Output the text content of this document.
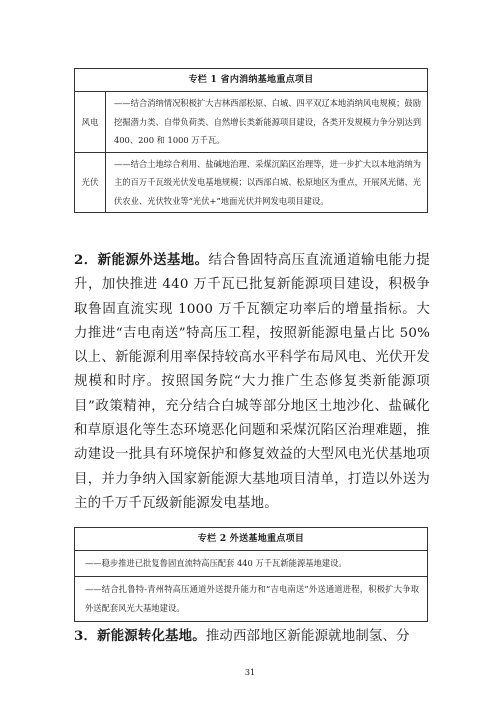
专栏 1 省内消纳基地重点项目
风电
——结合消纳情况积极扩大吉林西部松原、白城、四平双辽本地消纳风电规模；鼓励挖掘潜力类、自带负荷类、自然增长类新能源项目建设，各类开发规模力争分别达到 400、200 和 1000 万千瓦。
光伏
——结合土地综合利用、盐碱地治理、采煤沉陷区治理等，进一步扩大以本地消纳为主的百万千瓦级光伏发电基地规模；以西部白城、松原地区为重点，开展风光储、光伏农业、光伏牧业等“光伏+”地面光伏并网发电项目建设。
2．新能源外送基地。结合鲁固特高压直流通道输电能力提升，加快推进 440 万千瓦已批复新能源项目建设，积极争取鲁固直流实现 1000 万千瓦额定功率后的增量指标。大力推进“吉电南送”特高压工程，按照新能源电量占比 50%以上、新能源利用率保持较高水平科学布局风电、光伏开发规模和时序。按照国务院“大力推广生态修复类新能源项目”政策精神，充分结合白城等部分地区土地沙化、盐碱化和草原退化等生态环境恶化问题和采煤沉陷区治理难题，推动建设一批具有环境保护和修复效益的大型风电光伏基地项目，并力争纳入国家新能源大基地项目清单，打造以外送为主的千万千瓦级新能源发电基地。
专栏 2 外送基地重点项目
——稳步推进已批复鲁固直流特高压配套 440 万千瓦新能源基地建设。
——结合扎鲁特-青州特高压通道外送提升能力和“吉电南送”外送通道进程，积极扩大争取外送配套风光大基地建设。
3．新能源转化基地。推动西部地区新能源就地制氢、分
31
